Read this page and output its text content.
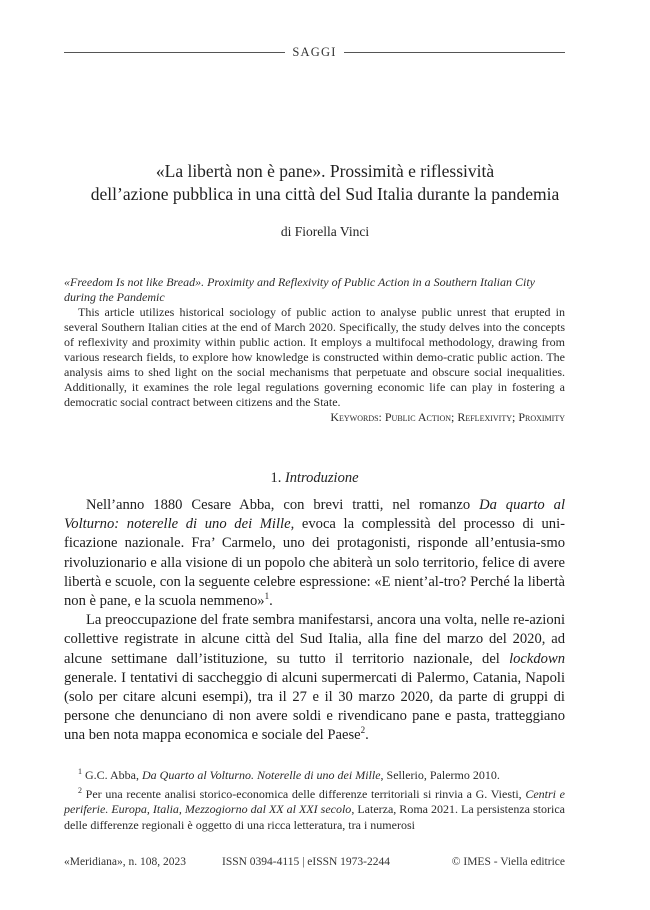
SAGGI
«La libertà non è pane». Prossimità e riflessività
dell’azione pubblica in una città del Sud Italia durante la pandemia
di Fiorella Vinci

«Freedom Is not like Bread». Proximity and Reflexivity of Public Action in a Southern Italian City during the Pandemic

This article utilizes historical sociology of public action to analyse public unrest that erupted in several Southern Italian cities at the end of March 2020. Specifically, the study delves into the concepts of reflexivity and proximity within public action. It employs a multifocal methodology, drawing from various research fields, to explore how knowledge is constructed within demo-cratic public action. The analysis aims to shed light on the social mechanisms that perpetuate and obscure social inequalities. Additionally, it examines the role legal regulations governing economic life can play in fostering a democratic social contract between citizens and the State.

Keywords: Public Action; Reflexivity; Proximity

1. Introduzione

Nell’anno 1880 Cesare Abba, con brevi tratti, nel romanzo Da quarto al Volturno: noterelle di uno dei Mille, evoca la complessità del processo di uni-ficazione nazionale. Fra’ Carmelo, uno dei protagonisti, risponde all’entusia-smo rivoluzionario e alla visione di un popolo che abiterà un solo territorio, felice di avere libertà e scuole, con la seguente celebre espressione: «E nient’al-tro? Perché la libertà non è pane, e la scuola nemmeno»$^1$.

La preoccupazione del frate sembra manifestarsi, ancora una volta, nelle re-azioni collettive registrate in alcune città del Sud Italia, alla fine del marzo del 2020, ad alcune settimane dall’istituzione, su tutto il territorio nazionale, del lockdown generale. I tentativi di saccheggio di alcuni supermercati di Palermo, Catania, Napoli (solo per citare alcuni esempi), tra il 27 e il 30 marzo 2020, da parte di gruppi di persone che denunciano di non avere soldi e rivendicano pane e pasta, tratteggiano una ben nota mappa economica e sociale del Paese$^2$.

$^1$ G.C. Abba, Da Quarto al Volturno. Noterelle di uno dei Mille, Sellerio, Palermo 2010.

$^2$ Per una recente analisi storico-economica delle differenze territoriali si rinvia a G. Viesti, Centri e periferie. Europa, Italia, Mezzogiorno dal XX al XXI secolo, Laterza, Roma 2021. La persistenza storica delle differenze regionali è oggetto di una ricca letteratura, tra i numerosi

«Meridiana», n. 108, 2023	ISSN 0394-4115 | eISSN 1973-2244	© IMES - Viella editrice
